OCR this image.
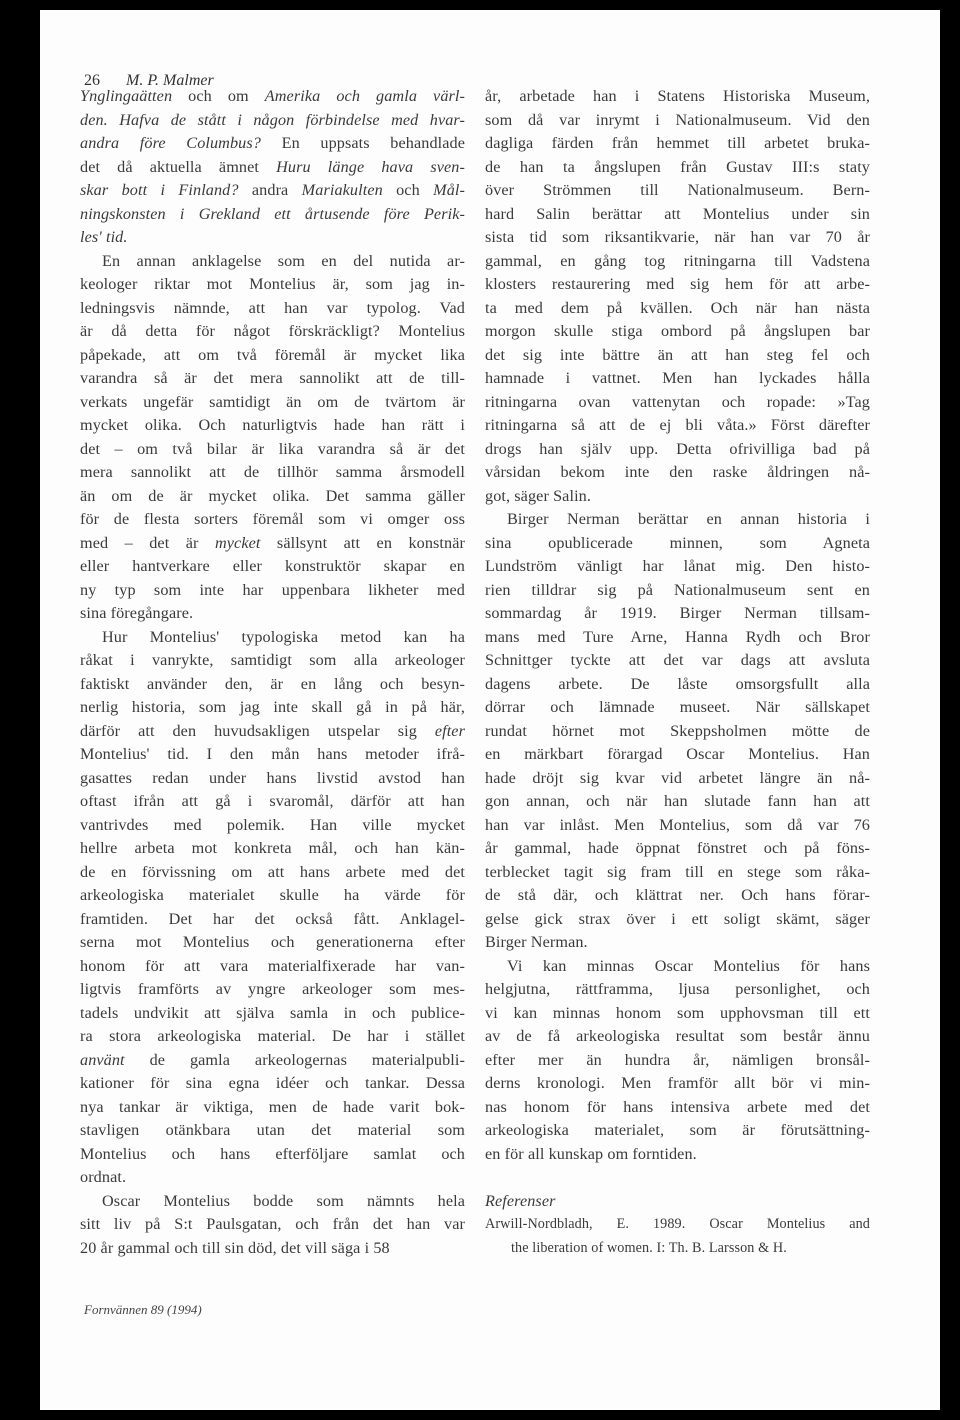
26 M. P. Malmer
Ynglingaätten och om Amerika och gamla värl-
den. Hafva de stått i någon förbindelse med hvar-
andra före Columbus? En uppsats behandlade
det då aktuella ämnet Huru länge hava sven-
skar bott i Finland? andra Mariakulten och Mål-
ningskonsten i Grekland ett årtusende före Perik-
les' tid.
En annan anklagelse som en del nutida ar-
keologer riktar mot Montelius är, som jag in-
ledningsvis nämnde, att han var typolog. Vad
är då detta för något förskräckligt? Montelius
påpekade, att om två föremål är mycket lika
varandra så är det mera sannolikt att de till-
verkats ungefär samtidigt än om de tvärtom är
mycket olika. Och naturligtvis hade han rätt i
det – om två bilar är lika varandra så är det
mera sannolikt att de tillhör samma årsmodell
än om de är mycket olika. Det samma gäller
för de flesta sorters föremål som vi omger oss
med – det är mycket sällsynt att en konstnär
eller hantverkare eller konstruktör skapar en
ny typ som inte har uppenbara likheter med
sina föregångare.
Hur Montelius' typologiska metod kan ha
råkat i vanrykte, samtidigt som alla arkeologer
faktiskt använder den, är en lång och besyn-
nerlig historia, som jag inte skall gå in på här,
därför att den huvudsakligen utspelar sig efter
Montelius' tid. I den mån hans metoder ifrå-
gasattes redan under hans livstid avstod han
oftast ifrån att gå i svaromål, därför att han
vantrivdes med polemik. Han ville mycket
hellre arbeta mot konkreta mål, och han kän-
de en förvissning om att hans arbete med det
arkeologiska materialet skulle ha värde för
framtiden. Det har det också fått. Anklagel-
serna mot Montelius och generationerna efter
honom för att vara materialfixerade har van-
ligtvis framförts av yngre arkeologer som mes-
tadels undvikit att själva samla in och publice-
ra stora arkeologiska material. De har i stället
använt de gamla arkeologernas materialpubli-
kationer för sina egna idéer och tankar. Dessa
nya tankar är viktiga, men de hade varit bok-
stavligen otänkbara utan det material som
Montelius och hans efterföljare samlat och
ordnat.
Oscar Montelius bodde som nämnts hela
sitt liv på S:t Paulsgatan, och från det han var
20 år gammal och till sin död, det vill säga i 58
år, arbetade han i Statens Historiska Museum,
som då var inrymt i Nationalmuseum. Vid den
dagliga färden från hemmet till arbetet bruka-
de han ta ångslupen från Gustav III:s staty
över Strömmen till Nationalmuseum. Bern-
hard Salin berättar att Montelius under sin
sista tid som riksantikvarie, när han var 70 år
gammal, en gång tog ritningarna till Vadstena
klosters restaurering med sig hem för att arbe-
ta med dem på kvällen. Och när han nästa
morgon skulle stiga ombord på ångslupen bar
det sig inte bättre än att han steg fel och
hamnade i vattnet. Men han lyckades hålla
ritningarna ovan vattenytan och ropade: »Tag
ritningarna så att de ej bli våta.» Först därefter
drogs han själv upp. Detta ofrivilliga bad på
vårsidan bekom inte den raske åldringen nå-
got, säger Salin.
Birger Nerman berättar en annan historia i
sina opublicerade minnen, som Agneta
Lundström vänligt har lånat mig. Den histo-
rien tilldrar sig på Nationalmuseum sent en
sommardag år 1919. Birger Nerman tillsam-
mans med Ture Arne, Hanna Rydh och Bror
Schnittger tyckte att det var dags att avsluta
dagens arbete. De låste omsorgsfullt alla
dörrar och lämnade museet. När sällskapet
rundat hörnet mot Skeppsholmen mötte de
en märkbart förargad Oscar Montelius. Han
hade dröjt sig kvar vid arbetet längre än nå-
gon annan, och när han slutade fann han att
han var inlåst. Men Montelius, som då var 76
år gammal, hade öppnat fönstret och på föns-
terblecket tagit sig fram till en stege som råka-
de stå där, och klättrat ner. Och hans förar-
gelse gick strax över i ett soligt skämt, säger
Birger Nerman.
Vi kan minnas Oscar Montelius för hans
helgjutna, rättframma, ljusa personlighet, och
vi kan minnas honom som upphovsman till ett
av de få arkeologiska resultat som består ännu
efter mer än hundra år, nämligen bronsål-
derns kronologi. Men framför allt bör vi min-
nas honom för hans intensiva arbete med det
arkeologiska materialet, som är förutsättning-
en för all kunskap om forntiden.
Referenser
Arwill-Nordbladh, E. 1989. Oscar Montelius and
the liberation of women. I: Th. B. Larsson & H.
Fornvännen 89 (1994)
